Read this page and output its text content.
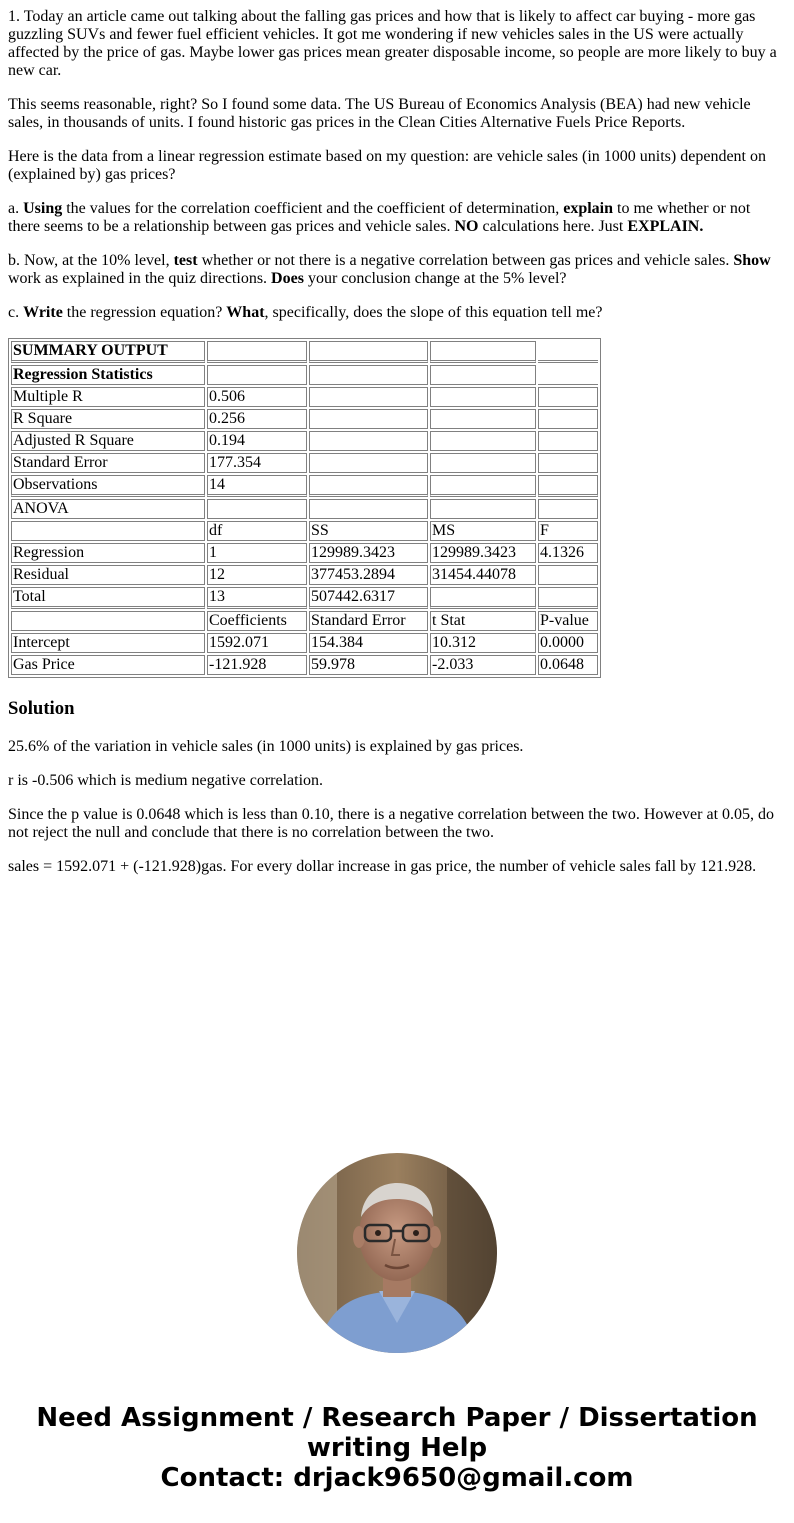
1. Today an article came out talking about the falling gas prices and how that is likely to affect car buying - more gas guzzling SUVs and fewer fuel efficient vehicles. It got me wondering if new vehicles sales in the US were actually affected by the price of gas. Maybe lower gas prices mean greater disposable income, so people are more likely to buy a new car.

This seems reasonable, right? So I found some data. The US Bureau of Economics Analysis (BEA) had new vehicle sales, in thousands of units. I found historic gas prices in the Clean Cities Alternative Fuels Price Reports.

Here is the data from a linear regression estimate based on my question: are vehicle sales (in 1000 units) dependent on (explained by) gas prices?

a. Using the values for the correlation coefficient and the coefficient of determination, explain to me whether or not there seems to be a relationship between gas prices and vehicle sales. NO calculations here. Just EXPLAIN.

b. Now, at the 10% level, test whether or not there is a negative correlation between gas prices and vehicle sales. Show work as explained in the quiz directions. Does your conclusion change at the 5% level?

c. Write the regression equation? What, specifically, does the slope of this equation tell me?

SUMMARY OUTPUT				
Regression Statistics				
Multiple R	0.506			
R Square	0.256			
Adjusted R Square	0.194			
Standard Error	177.354			
Observations	14			
ANOVA				
	df	SS	MS	F
Regression	1	129989.3423	129989.3423	4.1326
Residual	12	377453.2894	31454.44078	
Total	13	507442.6317		
	Coefficients	Standard Error	t Stat	P-value
Intercept	1592.071	154.384	10.312	0.0000
Gas Price	-121.928	59.978	-2.033	0.0648
Solution

25.6% of the variation in vehicle sales (in 1000 units) is explained by gas prices.

r is -0.506 which is medium negative correlation.

Since the p value is 0.0648 which is less than 0.10, there is a negative correlation between the two. However at 0.05, do not reject the null and conclude that there is no correlation between the two.

sales = 1592.071 + (-121.928)gas. For every dollar increase in gas price, the number of vehicle sales fall by 121.928.

Need Assignment / Research Paper / Dissertation
writing Help
Contact: drjack9650@gmail.com
